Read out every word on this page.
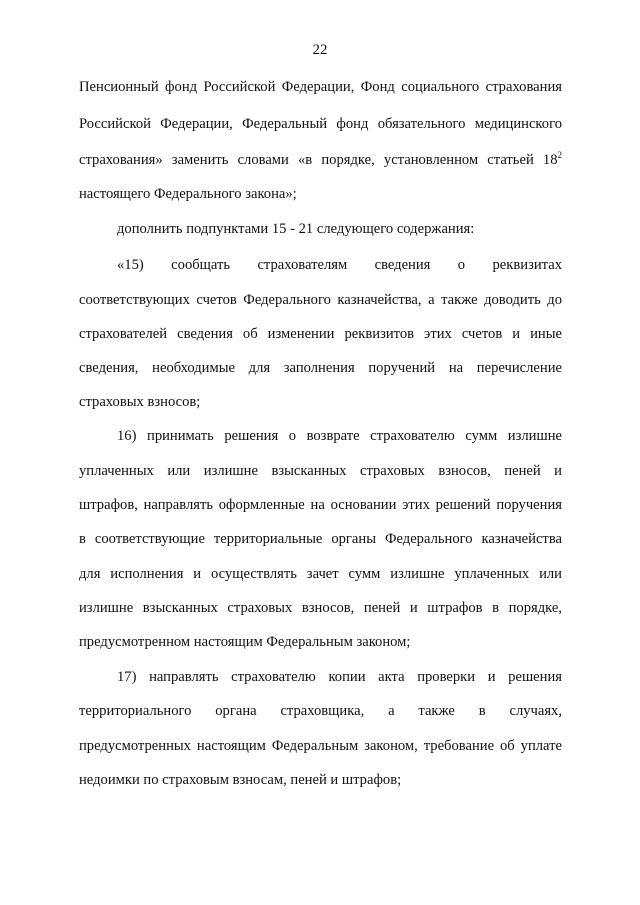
22
Пенсионный фонд Российской Федерации, Фонд социального страхования
Российской Федерации, Федеральный фонд обязательного медицинского
страхования» заменить словами «в порядке, установленном статьей $18^2$
настоящего Федерального закона»;
дополнить подпунктами 15 - 21 следующего содержания:
«15) сообщать страхователям сведения о реквизитах
соответствующих счетов Федерального казначейства, а также доводить до
страхователей сведения об изменении реквизитов этих счетов и иные
сведения, необходимые для заполнения поручений на перечисление
страховых взносов;
16) принимать решения о возврате страхователю сумм излишне
уплаченных или излишне взысканных страховых взносов, пеней и
штрафов, направлять оформленные на основании этих решений поручения
в соответствующие территориальные органы Федерального казначейства
для исполнения и осуществлять зачет сумм излишне уплаченных или
излишне взысканных страховых взносов, пеней и штрафов в порядке,
предусмотренном настоящим Федеральным законом;
17) направлять страхователю копии акта проверки и решения
территориального органа страховщика, а также в случаях,
предусмотренных настоящим Федеральным законом, требование об уплате
недоимки по страховым взносам, пеней и штрафов;
